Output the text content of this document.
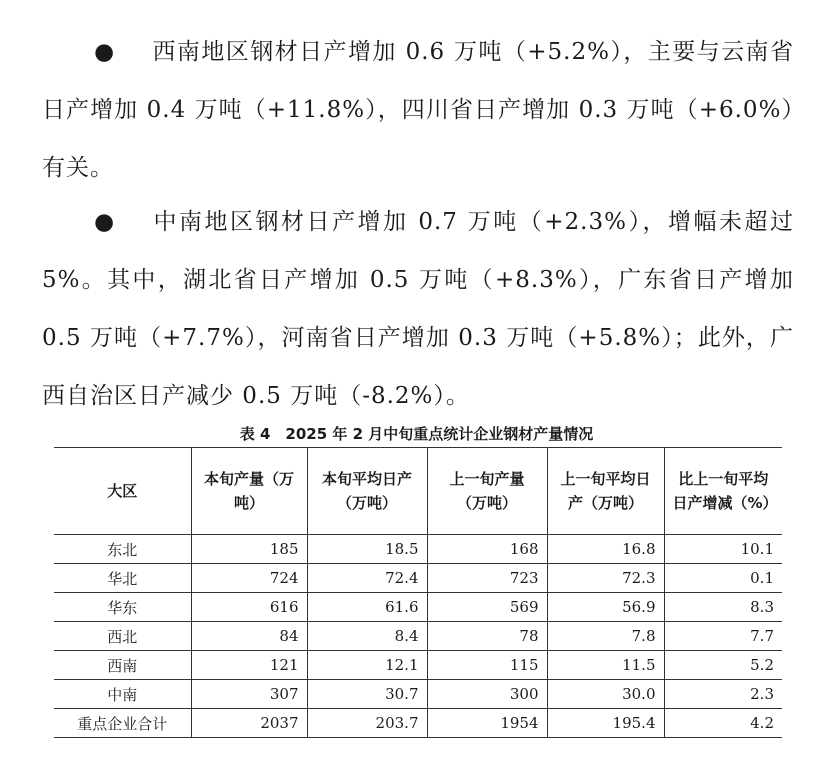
● 西南地区钢材日产增加 0.6 万吨（+5.2%），主要与云南省日产增加 0.4 万吨（+11.8%），四川省日产增加 0.3 万吨（+6.0%）有关。

● 中南地区钢材日产增加 0.7 万吨（+2.3%），增幅未超过 5%。其中，湖北省日产增加 0.5 万吨（+8.3%），广东省日产增加 0.5 万吨（+7.7%），河南省日产增加 0.3 万吨（+5.8%）；此外，广西自治区日产减少 0.5 万吨（-8.2%）。

表 4　2025 年 2 月中旬重点统计企业钢材产量情况
大区	本旬产量（万吨）	本旬平均日产（万吨）	上一旬产量（万吨）	上一旬平均日产（万吨）	比上一旬平均日产增减（%）
东北	185	18.5	168	16.8	10.1
华北	724	72.4	723	72.3	0.1
华东	616	61.6	569	56.9	8.3
西北	84	8.4	78	7.8	7.7
西南	121	12.1	115	11.5	5.2
中南	307	30.7	300	30.0	2.3
重点企业合计	2037	203.7	1954	195.4	4.2
